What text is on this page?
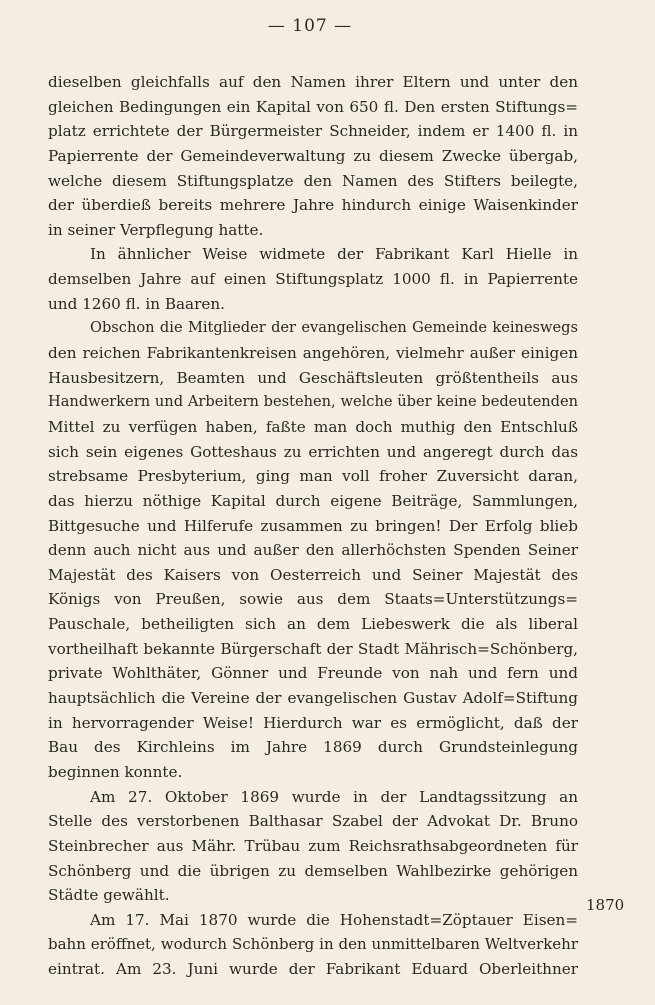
— 107 —
dieselben gleichfalls auf den Namen ihrer Eltern und unter den
gleichen Bedingungen ein Kapital von 650 fl. Den ersten Stiftungs=
platz errichtete der Bürgermeister Schneider, indem er 1400 fl. in
Papierrente der Gemeindeverwaltung zu diesem Zwecke übergab,
welche diesem Stiftungsplatze den Namen des Stifters beilegte,
der überdieß bereits mehrere Jahre hindurch einige Waisenkinder
in seiner Verpflegung hatte.
In ähnlicher Weise widmete der Fabrikant Karl Hielle in
demselben Jahre auf einen Stiftungsplatz 1000 fl. in Papierrente
und 1260 fl. in Baaren.
Obschon die Mitglieder der evangelischen Gemeinde keineswegs
den reichen Fabrikantenkreisen angehören, vielmehr außer einigen
Hausbesitzern, Beamten und Geschäftsleuten größtentheils aus
Handwerkern und Arbeitern bestehen, welche über keine bedeutenden
Mittel zu verfügen haben, faßte man doch muthig den Entschluß
sich sein eigenes Gotteshaus zu errichten und angeregt durch das
strebsame Presbyterium, ging man voll froher Zuversicht daran,
das hierzu nöthige Kapital durch eigene Beiträge, Sammlungen,
Bittgesuche und Hilferufe zusammen zu bringen! Der Erfolg blieb
denn auch nicht aus und außer den allerhöchsten Spenden Seiner
Majestät des Kaisers von Oesterreich und Seiner Majestät des
Königs von Preußen, sowie aus dem Staats=Unterstützungs=
Pauschale, betheiligten sich an dem Liebeswerk die als liberal
vortheilhaft bekannte Bürgerschaft der Stadt Mährisch=Schönberg,
private Wohlthäter, Gönner und Freunde von nah und fern und
hauptsächlich die Vereine der evangelischen Gustav Adolf=Stiftung
in hervorragender Weise! Hierdurch war es ermöglicht, daß der
Bau des Kirchleins im Jahre 1869 durch Grundsteinlegung
beginnen konnte.
Am 27. Oktober 1869 wurde in der Landtagssitzung an
Stelle des verstorbenen Balthasar Szabel der Advokat Dr. Bruno
Steinbrecher aus Mähr. Trübau zum Reichsrathsabgeordneten für
Schönberg und die übrigen zu demselben Wahlbezirke gehörigen
Städte gewählt.
Am 17. Mai 1870 wurde die Hohenstadt=Zöptauer Eisen=
bahn eröffnet, wodurch Schönberg in den unmittelbaren Weltverkehr
eintrat. Am 23. Juni wurde der Fabrikant Eduard Oberleithner
1870
